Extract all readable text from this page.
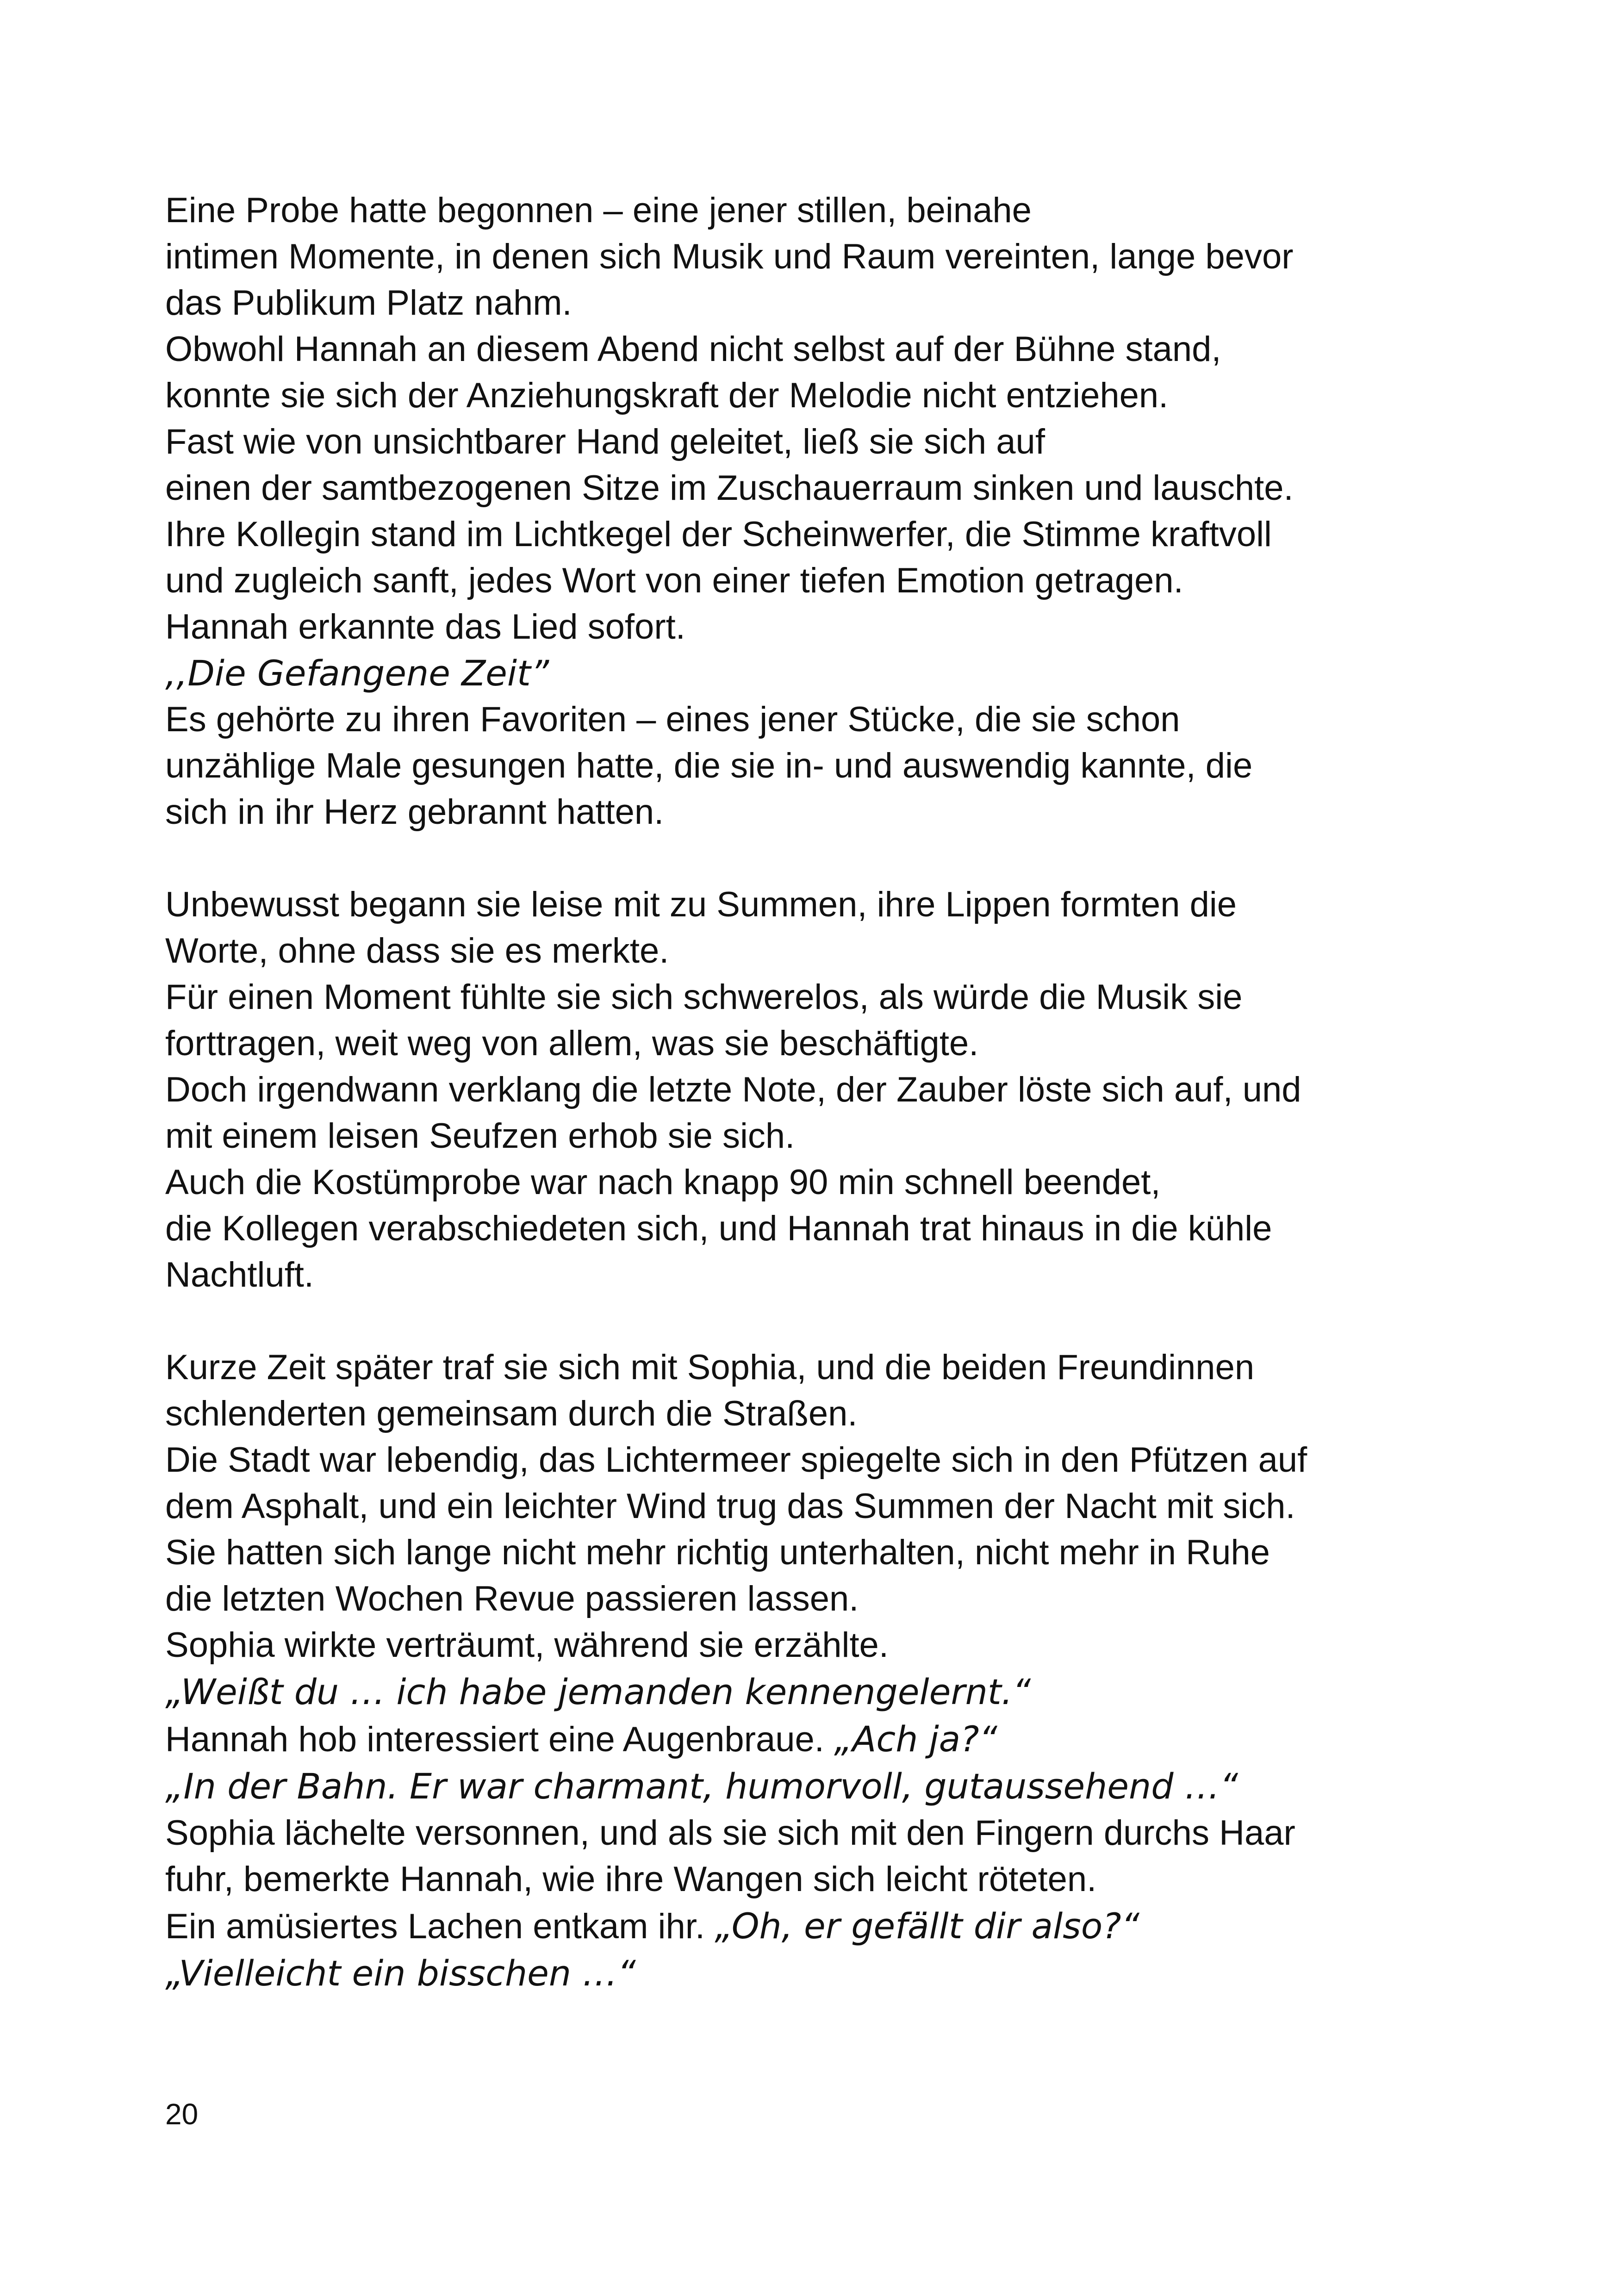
Eine Probe hatte begonnen – eine jener stillen, beinahe
intimen Momente, in denen sich Musik und Raum vereinten, lange bevor
das Publikum Platz nahm.
Obwohl Hannah an diesem Abend nicht selbst auf der Bühne stand,
konnte sie sich der Anziehungskraft der Melodie nicht entziehen.
Fast wie von unsichtbarer Hand geleitet, ließ sie sich auf
einen der samtbezogenen Sitze im Zuschauerraum sinken und lauschte.
Ihre Kollegin stand im Lichtkegel der Scheinwerfer, die Stimme kraftvoll
und zugleich sanft, jedes Wort von einer tiefen Emotion getragen.
Hannah erkannte das Lied sofort.
,,Die Gefangene Zeit”
Es gehörte zu ihren Favoriten – eines jener Stücke, die sie schon
unzählige Male gesungen hatte, die sie in- und auswendig kannte, die
sich in ihr Herz gebrannt hatten.
Unbewusst begann sie leise mit zu Summen, ihre Lippen formten die
Worte, ohne dass sie es merkte.
Für einen Moment fühlte sie sich schwerelos, als würde die Musik sie
forttragen, weit weg von allem, was sie beschäftigte.
Doch irgendwann verklang die letzte Note, der Zauber löste sich auf, und
mit einem leisen Seufzen erhob sie sich.
Auch die Kostümprobe war nach knapp 90 min schnell beendet,
die Kollegen verabschiedeten sich, und Hannah trat hinaus in die kühle
Nachtluft.
Kurze Zeit später traf sie sich mit Sophia, und die beiden Freundinnen
schlenderten gemeinsam durch die Straßen.
Die Stadt war lebendig, das Lichtermeer spiegelte sich in den Pfützen auf
dem Asphalt, und ein leichter Wind trug das Summen der Nacht mit sich.
Sie hatten sich lange nicht mehr richtig unterhalten, nicht mehr in Ruhe
die letzten Wochen Revue passieren lassen.
Sophia wirkte verträumt, während sie erzählte.
„Weißt du … ich habe jemanden kennengelernt.“
Hannah hob interessiert eine Augenbraue. „Ach ja?“
„In der Bahn. Er war charmant, humorvoll, gutaussehend …“
Sophia lächelte versonnen, und als sie sich mit den Fingern durchs Haar
fuhr, bemerkte Hannah, wie ihre Wangen sich leicht röteten.
Ein amüsiertes Lachen entkam ihr. „Oh, er gefällt dir also?“
„Vielleicht ein bisschen …“
20
